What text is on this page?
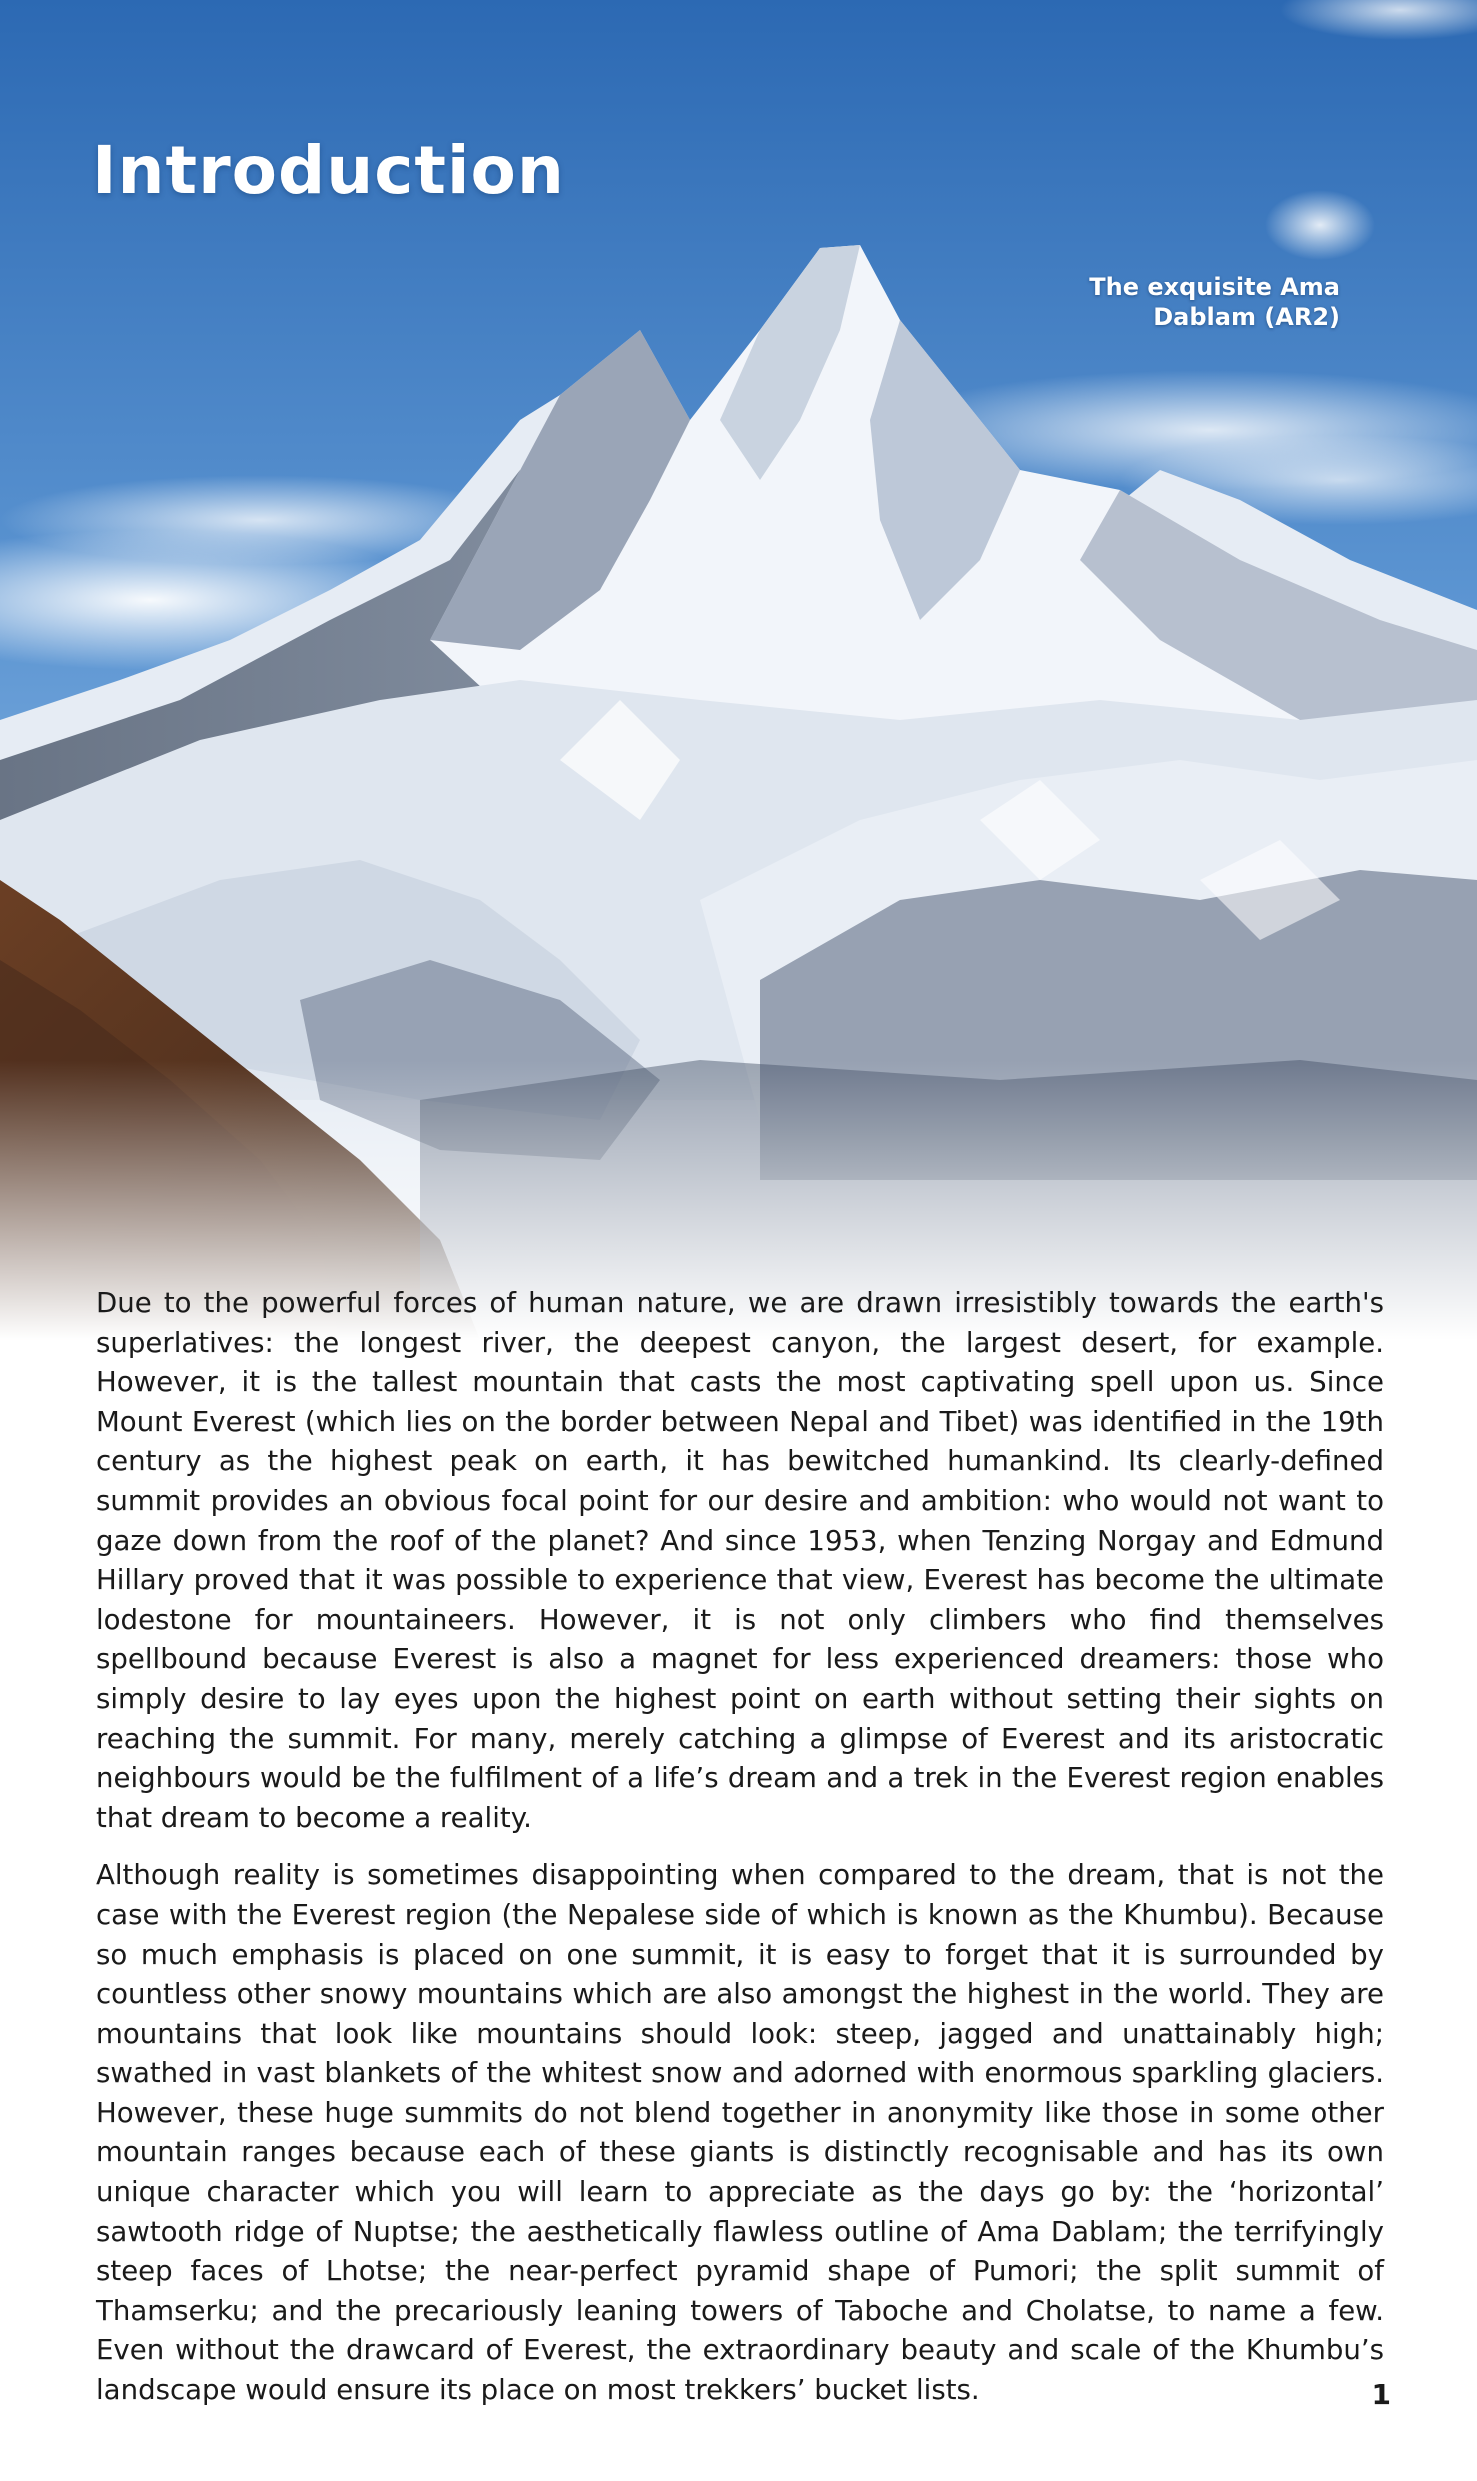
Introduction

The exquisite Ama Dablam (AR2)

Due to the powerful forces of human nature, we are drawn irresistibly towards the earth's superlatives: the longest river, the deepest canyon, the largest desert, for example. However, it is the tallest mountain that casts the most captivating spell upon us. Since Mount Everest (which lies on the border between Nepal and Tibet) was identified in the 19th century as the highest peak on earth, it has bewitched humankind. Its clearly-defined summit provides an obvious focal point for our desire and ambition: who would not want to gaze down from the roof of the planet? And since 1953, when Tenzing Norgay and Edmund Hillary proved that it was possible to experience that view, Everest has become the ultimate lodestone for mountaineers. However, it is not only climbers who find themselves spellbound because Everest is also a magnet for less experienced dreamers: those who simply desire to lay eyes upon the highest point on earth without setting their sights on reaching the summit. For many, merely catching a glimpse of Everest and its aristocratic neighbours would be the fulfilment of a life’s dream and a trek in the Everest region enables that dream to become a reality.

Although reality is sometimes disappointing when compared to the dream, that is not the case with the Everest region (the Nepalese side of which is known as the Khumbu). Because so much emphasis is placed on one summit, it is easy to forget that it is surrounded by countless other snowy mountains which are also amongst the highest in the world. They are mountains that look like mountains should look: steep, jagged and unattainably high; swathed in vast blankets of the whitest snow and adorned with enormous sparkling glaciers. However, these huge summits do not blend together in anonymity like those in some other mountain ranges because each of these giants is distinctly recognisable and has its own unique character which you will learn to appreciate as the days go by: the ‘horizontal’ sawtooth ridge of Nuptse; the aesthetically flawless outline of Ama Dablam; the terrifyingly steep faces of Lhotse; the near-perfect pyramid shape of Pumori; the split summit of Thamserku; and the precariously leaning towers of Taboche and Cholatse, to name a few. Even without the drawcard of Everest, the extraordinary beauty and scale of the Khumbu’s landscape would ensure its place on most trekkers’ bucket lists.	1
